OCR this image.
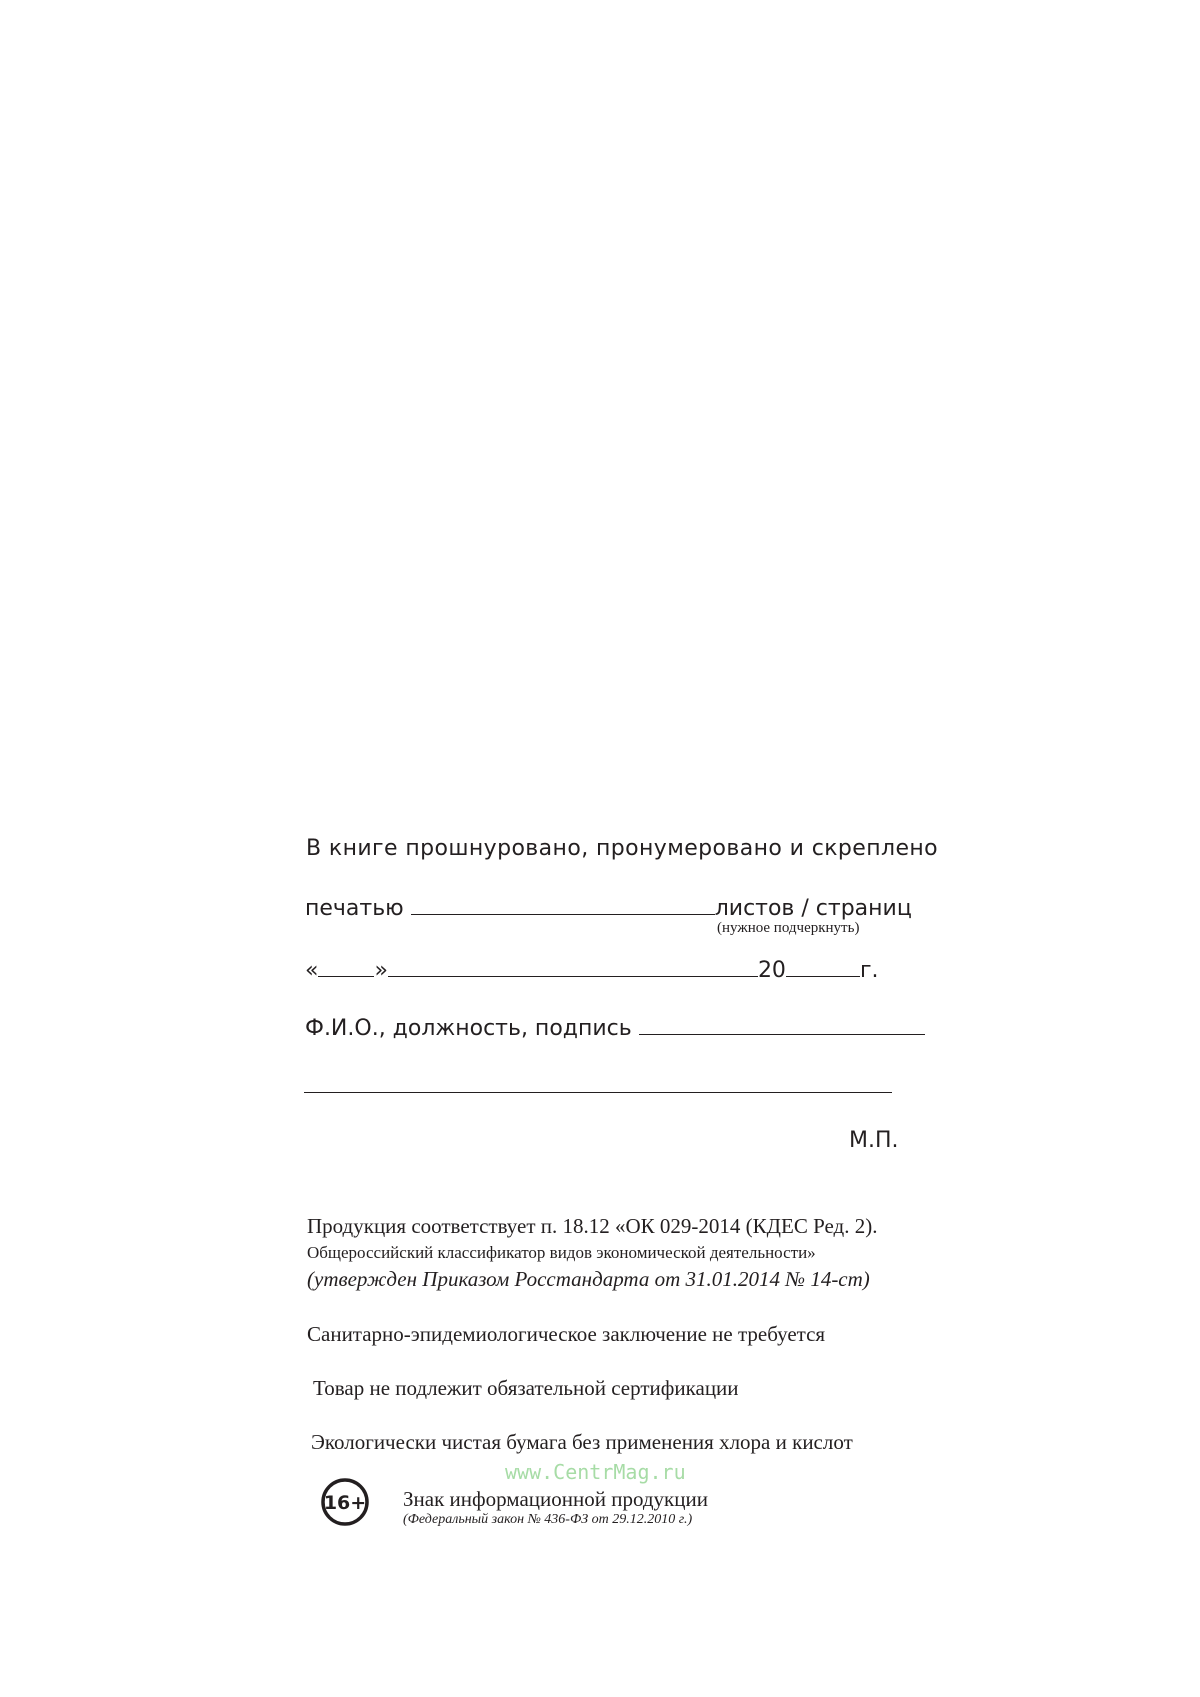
В книге прошнуровано, пронумеровано и скреплено
печатью	листов / страниц
(нужное подчеркнуть)
«	»	20	г.
Ф.И.О., должность, подпись
М.П.
Продукция соответствует п. 18.12 «ОК 029-2014 (КДЕС Ред. 2).
Общероссийский классификатор видов экономической деятельности»
(утвержден Приказом Росстандарта от 31.01.2014 № 14-ст)
Санитарно-эпидемиологическое заключение не требуется
Товар не подлежит обязательной сертификации
Экологически чистая бумага без применения хлора и кислот
www.CentrMag.ru
16+ Знак информационной продукции
(Федеральный закон № 436-ФЗ от 29.12.2010 г.)
